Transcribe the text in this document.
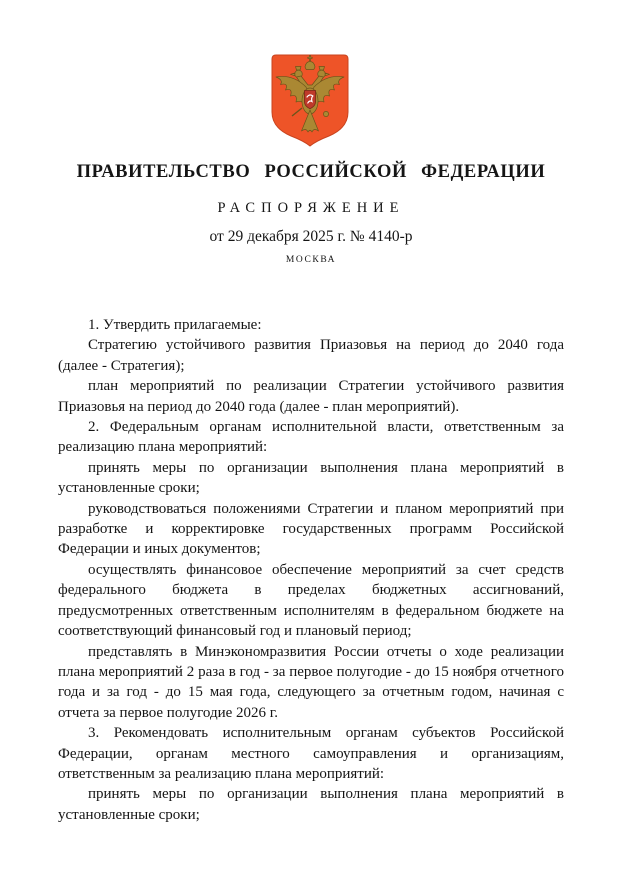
ПРАВИТЕЛЬСТВО РОССИЙСКОЙ ФЕДЕРАЦИИ
РАСПОРЯЖЕНИЕ
от 29 декабря 2025 г. № 4140-р
МОСКВА

1. Утвердить прилагаемые:

Стратегию устойчивого развития Приазовья на период до 2040 года (далее - Стратегия);

план мероприятий по реализации Стратегии устойчивого развития Приазовья на период до 2040 года (далее - план мероприятий).

2. Федеральным органам исполнительной власти, ответственным за реализацию плана мероприятий:

принять меры по организации выполнения плана мероприятий в установленные сроки;

руководствоваться положениями Стратегии и планом мероприятий при разработке и корректировке государственных программ Российской Федерации и иных документов;

осуществлять финансовое обеспечение мероприятий за счет средств федерального бюджета в пределах бюджетных ассигнований, предусмотренных ответственным исполнителям в федеральном бюджете на соответствующий финансовый год и плановый период;

представлять в Минэкономразвития России отчеты о ходе реализации плана мероприятий 2 раза в год - за первое полугодие - до 15 ноября отчетного года и за год - до 15 мая года, следующего за отчетным годом, начиная с отчета за первое полугодие 2026 г.

3. Рекомендовать исполнительным органам субъектов Российской Федерации, органам местного самоуправления и организациям, ответственным за реализацию плана мероприятий:

принять меры по организации выполнения плана мероприятий в установленные сроки;
